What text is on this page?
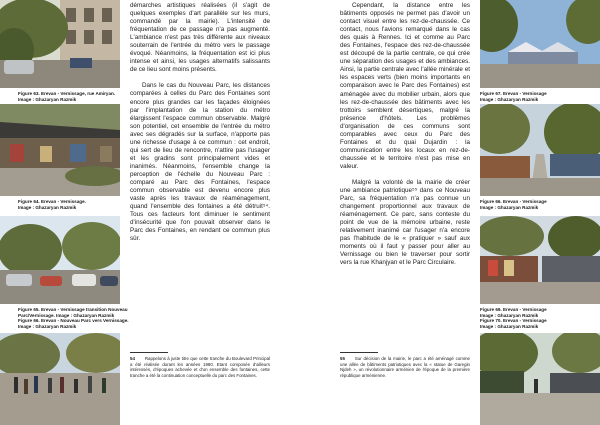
Figure 63. Erevan - Vernissage, rue Amiryan.
Image : Ghazaryan Razmik
Figure 64. Erevan - Vernissage.
Image : Ghazaryan Razmik
Figure 65. Erevan - Vernissage transition Nouveau
Parc/Vernissage. Image : Ghazaryan Razmik
Figure 66. Erevan - Nouveau Parc vers Vernissage.
Image : Ghazaryan Razmik

démarches artistiques réalisées (il s'agit de quelques exemples d'art parallèle sur les murs, commandé par la mairie). L'intensité de fréquentation de ce passage n'a pas augmenté. L'ambiance n'est pas très différente aux niveaux souterrain de l'entrée du métro vers le passage évoqué. Néanmoins, la fréquentation est ici plus intense et ainsi, les usages alternatifs salissants de ce lieu sont moins présents.

Dans le cas du Nouveau Parc, les distances comparées à celles du Parc des Fontaines sont encore plus grandes car les façades éloignées par l'implantation de la station du métro élargissent l'espace commun observable. Malgré son potentiel, cet ensemble de l'entrée du métro avec ses dégradés sur la surface, n'apporte pas une richesse d'usage à ce commun : cet endroit, qui sert de lieu de rencontre, n'attire pas l'usager et les gradins sont principalement vides et inanimés. Néanmoins, l'ensemble change la perception de l'échelle du Nouveau Parc : comparé au Parc des Fontaines, l'espace commun observable est devenu encore plus vaste après les travaux de réaménagement, quand l'ensemble des fontaines a été détruit⁵⁴. Tous ces facteurs font diminuer le sentiment d'insécurité que l'on pouvait observer dans le Parc des Fontaines, en rendant ce commun plus sûr.

54 Rappelons à juste titre que cette tranche du Boulevard Principal a été réalisée durant les années 1980. Etant composée d'ailleurs intéressés, d'époques achevée et d'un ensemble des fontaines, cette tranche a été la continuation conceptuelle du parc des Fontaines.

Cependant, la distance entre les bâtiments opposés ne permet pas d'avoir un contact visuel entre les rez-de-chaussée. Ce contact, nous l'avions remarqué dans le cas des quais à Rennes. Ici et comme au Parc des Fontaines, l'espace des rez-de-chaussée est découpé de la partie centrale, ce qui crée une séparation des usages et des ambiances. Ainsi, la partie centrale avec l'allée minérale et les espaces verts (bien moins importants en comparaison avec le Parc des Fontaines) est aménagée avec du mobilier urbain, alors que les rez-de-chaussée des bâtiments avec les trottoirs semblent désertiques, malgré la présence d'hôtels. Les problèmes d'organisation de ces communs sont comparables avec ceux du Parc des Fontaines et du quai Dujardin : la communication entre les locaux en rez-de-chaussée et le territoire n'est pas mise en valeur.

Malgré la volonté de la mairie de créer une ambiance patriotique⁵⁵ dans ce Nouveau Parc, sa fréquentation n'a pas connue un changement proportionnel aux travaux de réaménagement. Ce parc, sans conteste du point de vue de la mémoire urbaine, reste relativement inanimé car l'usager n'a encore pas l'habitude de le « pratiquer » sauf aux moments où il faut y passer pour aller au Vernissage ou bien le traverser pour sortir vers la rue Khanjyan et le Parc Circulaire.

55 Sur décision de la mairie, le parc a été aménagé comme une allée de bâtiments patriotiques avec la « statue de Garegin Njdeh », un révolutionnaire arménien de l'époque de la première république arménienne.
Figure 67. Erevan - Vernissage
Image : Ghazaryan Razmik
Figure 66. Erevan - Vernissage
Image : Ghazaryan Razmik
Figure 69. Erevan - Vernissage
Image : Ghazaryan Razmik
Figure 70. Erevan - Vernissage
Image : Ghazaryan Razmik
